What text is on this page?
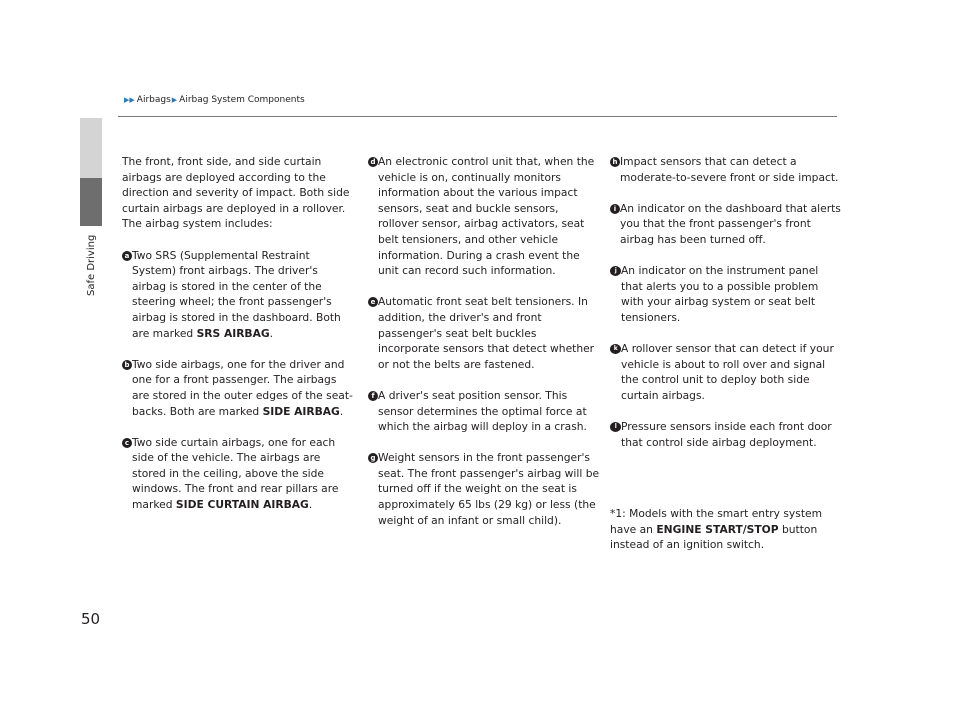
Safe Driving
▶▶ Airbags ▶ Airbag System Components

The front, front side, and side curtain airbags are deployed according to the direction and severity of impact. Both side curtain airbags are deployed in a rollover. The airbag system includes:

a Two SRS (Supplemental Restraint System) front airbags. The driver's airbag is stored in the center of the steering wheel; the front passenger's airbag is stored in the dashboard. Both are marked SRS AIRBAG.
b Two side airbags, one for the driver and one for a front passenger. The airbags are stored in the outer edges of the seat-backs. Both are marked SIDE AIRBAG.
c Two side curtain airbags, one for each side of the vehicle. The airbags are stored in the ceiling, above the side windows. The front and rear pillars are marked SIDE CURTAIN AIRBAG.
d An electronic control unit that, when the vehicle is on, continually monitors information about the various impact sensors, seat and buckle sensors, rollover sensor, airbag activators, seat belt tensioners, and other vehicle information. During a crash event the unit can record such information.
e Automatic front seat belt tensioners. In addition, the driver's and front passenger's seat belt buckles incorporate sensors that detect whether or not the belts are fastened.
f A driver's seat position sensor. This sensor determines the optimal force at which the airbag will deploy in a crash.
g Weight sensors in the front passenger's seat. The front passenger's airbag will be turned off if the weight on the seat is approximately 65 lbs (29 kg) or less (the weight of an infant or small child).
h Impact sensors that can detect a moderate-to-severe front or side impact.
i An indicator on the dashboard that alerts you that the front passenger's front airbag has been turned off.
j An indicator on the instrument panel that alerts you to a possible problem with your airbag system or seat belt tensioners.
k A rollover sensor that can detect if your vehicle is about to roll over and signal the control unit to deploy both side curtain airbags.
l Pressure sensors inside each front door that control side airbag deployment.

*1: Models with the smart entry system have an ENGINE START/STOP button instead of an ignition switch.

50
